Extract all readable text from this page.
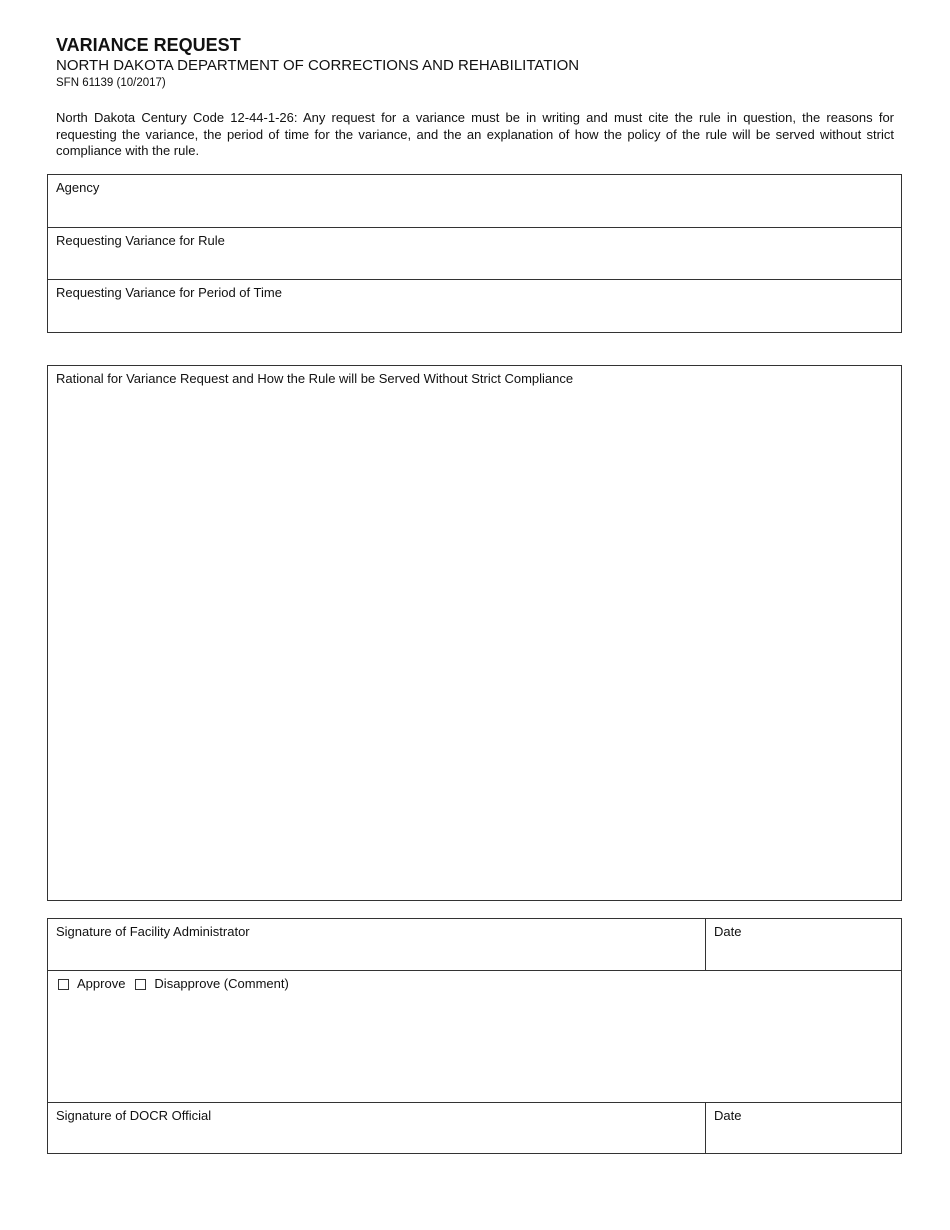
VARIANCE REQUEST

NORTH DAKOTA DEPARTMENT OF CORRECTIONS AND REHABILITATION

SFN 61139 (10/2017)

North Dakota Century Code 12-44-1-26: Any request for a variance must be in writing and must cite the rule in question, the reasons for requesting the variance, the period of time for the variance, and the an explanation of how the policy of the rule will be served without strict compliance with the rule.
Agency
Requesting Variance for Rule
Requesting Variance for Period of Time
Rational for Variance Request and How the Rule will be Served Without Strict Compliance
Signature of Facility Administrator	Date
Approve Disapprove (Comment)
Signature of DOCR Official	Date
